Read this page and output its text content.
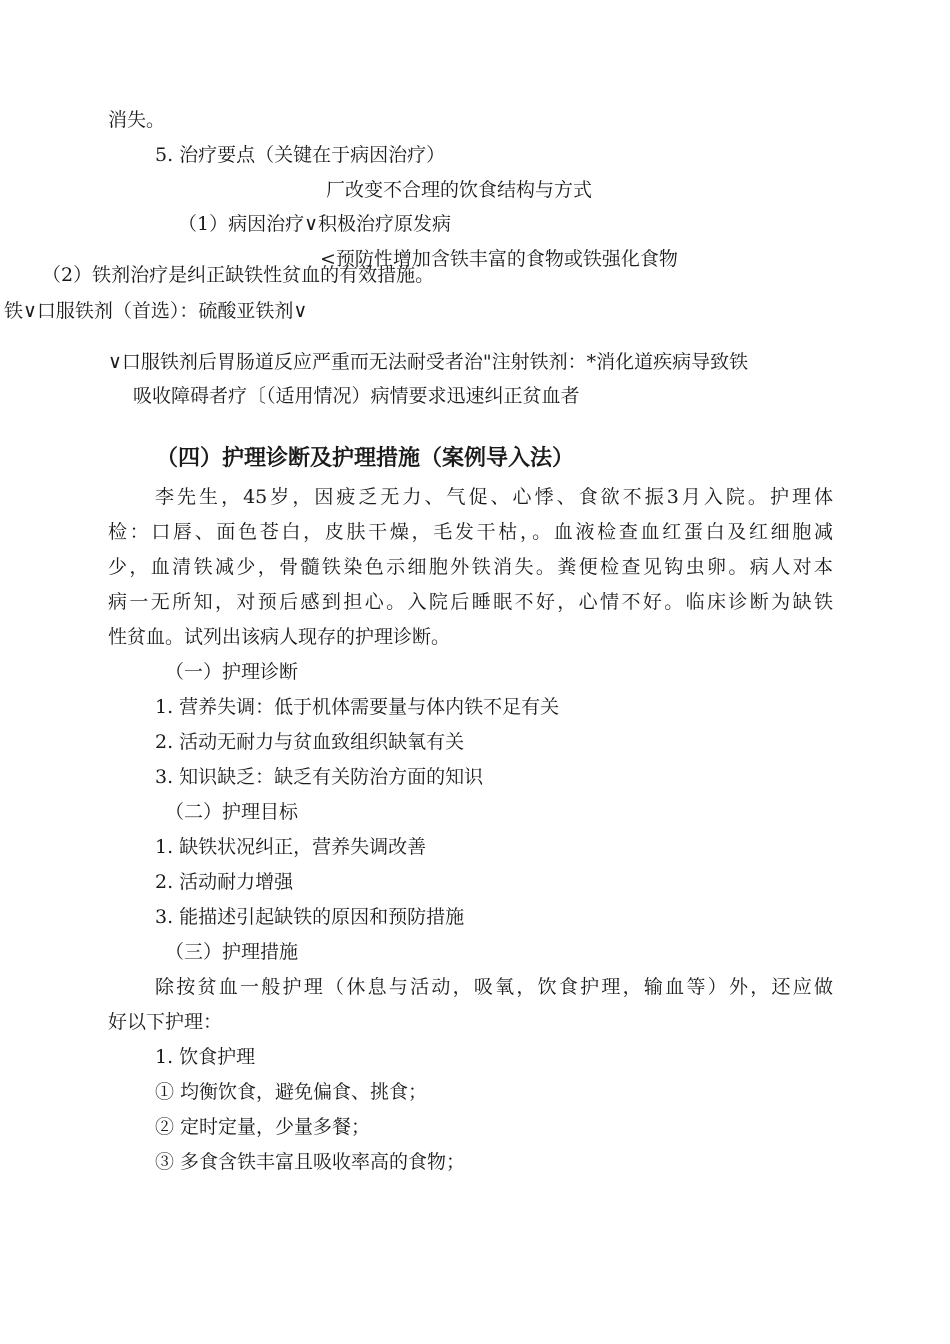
消失。
5. 治疗要点（关键在于病因治疗）
厂改变不合理的饮食结构与方式
（1）病因治疗∨积极治疗原发病
<预防性增加含铁丰富的食物或铁强化食物
（2）铁剂治疗是纠正缺铁性贫血的有效措施。
铁∨口服铁剂（首选）：硫酸亚铁剂∨
∨口服铁剂后胃肠道反应严重而无法耐受者治"注射铁剂：*消化道疾病导致铁
吸收障碍者疗〔（适用情况）病情要求迅速纠正贫血者
（四）护理诊断及护理措施（案例导入法）
李先生，45岁，因疲乏无力、气促、心悸、食欲不振3月入院。护理体
检：口唇、面色苍白，皮肤干燥，毛发干枯，。血液检查血红蛋白及红细胞减
少，血清铁减少，骨髓铁染色示细胞外铁消失。粪便检查见钩虫卵。病人对本
病一无所知，对预后感到担心。入院后睡眠不好，心情不好。临床诊断为缺铁
性贫血。试列出该病人现存的护理诊断。
（一）护理诊断
1. 营养失调：低于机体需要量与体内铁不足有关
2. 活动无耐力与贫血致组织缺氧有关
3. 知识缺乏：缺乏有关防治方面的知识
（二）护理目标
1. 缺铁状况纠正，营养失调改善
2. 活动耐力增强
3. 能描述引起缺铁的原因和预防措施
（三）护理措施
除按贫血一般护理（休息与活动，吸氧，饮食护理，输血等）外，还应做
好以下护理：
1. 饮食护理
① 均衡饮食，避免偏食、挑食；
② 定时定量，少量多餐；
③ 多食含铁丰富且吸收率高的食物；
